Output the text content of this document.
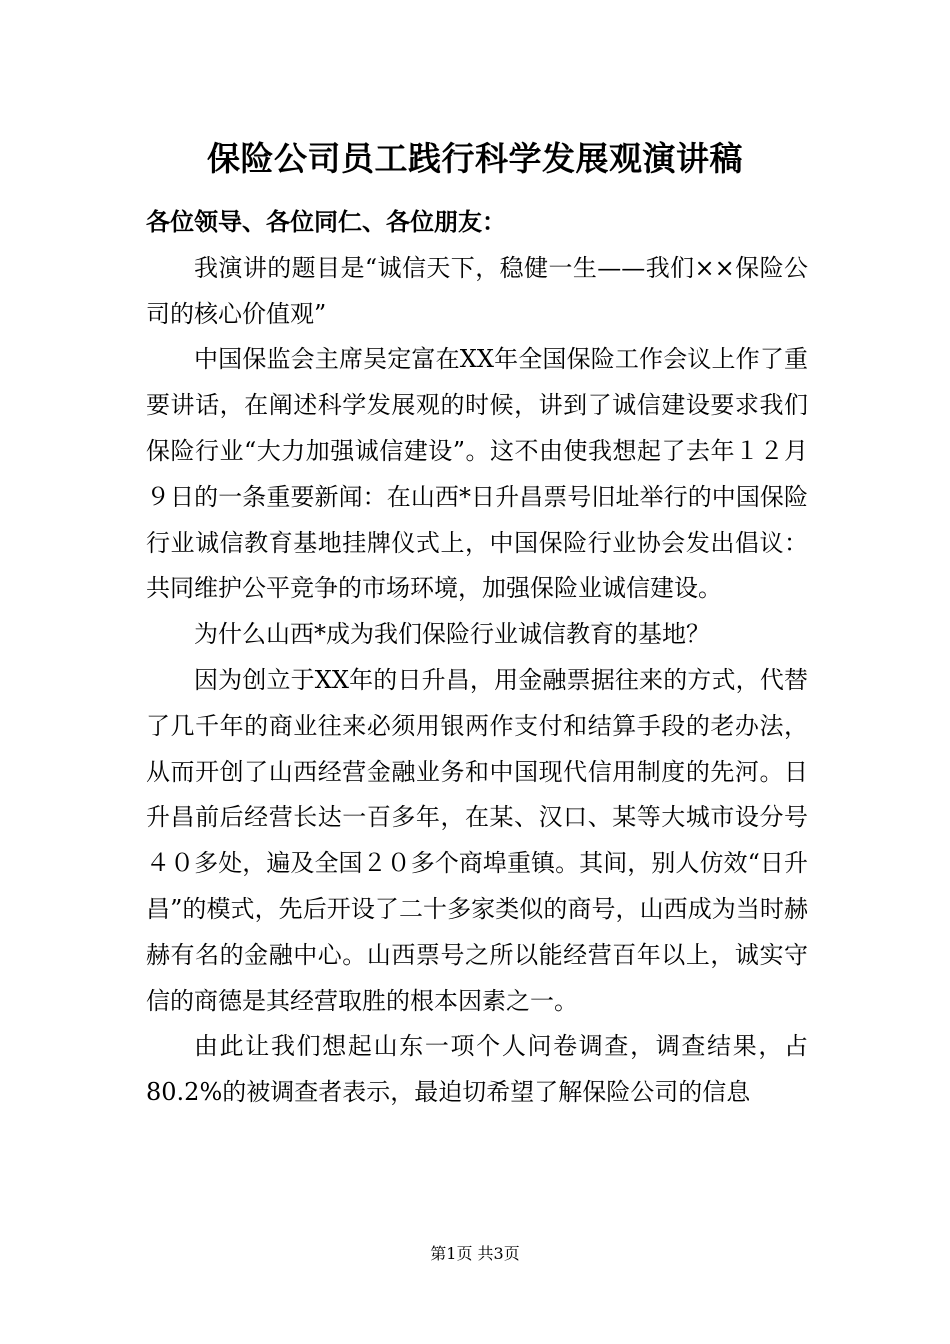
保险公司员工践行科学发展观演讲稿

各位领导、各位同仁、各位朋友：

我演讲的题目是“诚信天下，稳健一生——我们××保险公司的核心价值观”

中国保监会主席吴定富在XX年全国保险工作会议上作了重要讲话，在阐述科学发展观的时候，讲到了诚信建设要求我们保险行业“大力加强诚信建设”。这不由使我想起了去年１２月９日的一条重要新闻：在山西*日升昌票号旧址举行的中国保险行业诚信教育基地挂牌仪式上，中国保险行业协会发出倡议：共同维护公平竞争的市场环境，加强保险业诚信建设。

为什么山西*成为我们保险行业诚信教育的基地？

因为创立于XX年的日升昌，用金融票据往来的方式，代替了几千年的商业往来必须用银两作支付和结算手段的老办法，从而开创了山西经营金融业务和中国现代信用制度的先河。日升昌前后经营长达一百多年，在某、汉口、某等大城市设分号４０多处，遍及全国２０多个商埠重镇。其间，别人仿效“日升昌”的模式，先后开设了二十多家类似的商号，山西成为当时赫赫有名的金融中心。山西票号之所以能经营百年以上，诚实守信的商德是其经营取胜的根本因素之一。

由此让我们想起山东一项个人问卷调查，调查结果，占80.2%的被调查者表示，最迫切希望了解保险公司的信息

第1页 共3页
